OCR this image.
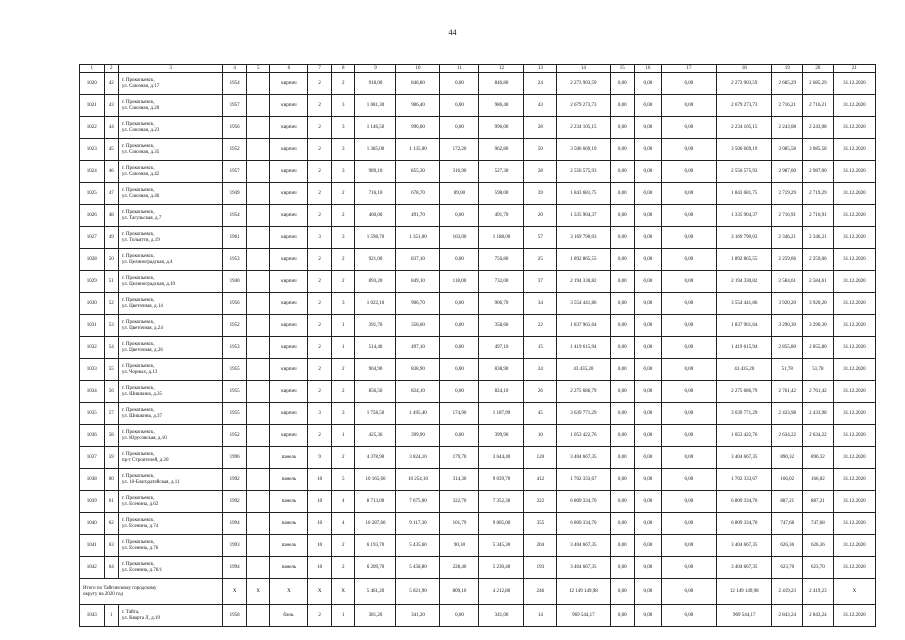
44
1	2	3	4	5	6	7	8	9	10	11	12	13	14	15	16	17	18	19	20	21
1020	42	г. Прокопьевск,
ул. Союзная, д.17	1954		кирпич	2	2	918,00	846,80	0,00	846,80	24	2 273 903,59	0,00	0,00	0,00	2 273 903,59	2 685,29	2 685,29	31.12.2020
1021	43	г. Прокопьевск,
ул. Союзная, д.20	1957		кирпич	2	3	1 081,30	986,40	0,00	986,40	43	2 679 273,73	0,00	0,00	0,00	2 679 273,73	2 716,21	2 716,21	31.12.2020
1022	44	г. Прокопьевск,
ул. Союзная, д.23	1956		кирпич	2	3	1 146,50	996,00	0,00	996,00	28	2 234 105,15	0,00	0,00	0,00	2 234 105,15	2 243,08	2 243,08	31.12.2020
1023	45	г. Прокопьевск,
ул. Союзная, д.35	1952		кирпич	2	3	1 385,00	1 135,00	172,20	962,80	50	3 506 669,19	0,00	0,00	0,00	3 506 669,19	3 085,58	3 085,58	31.12.2020
1024	46	г. Прокопьевск,
ул. Союзная, д.42	1957		кирпич	2	3	989,10	855,30	316,90	527,30	28	2 556 575,93	0,00	0,00	0,00	2 556 575,93	2 987,00	2 987,00	31.12.2020
1025	47	г. Прокопьевск,
ул. Союзная, д.46	1949		кирпич	2	2	716,10	678,70	89,00	598,00	39	1 843 681,75	0,00	0,00	0,00	1 843 681,75	2 719,29	2 719,29	31.12.2020
1026	48	г. Прокопьевск,
ул. Тагульская, д.7	1954		кирпич	2	2	460,00	491,70	0,00	491,70	20	1 335 904,37	0,00	0,00	0,00	1 335 904,37	2 716,91	2 716,91	31.12.2020
1027	49	г. Прокопьевск,
ул. Тольятти, д.19	1961		кирпич	3	3	1 598,70	1 351,00	163,00	1 188,00	57	3 169 790,03	0,00	0,00	0,00	3 169 790,03	2 346,21	2 346,21	31.12.2020
1028	50	г. Прокопьевск,
ул. Целиноградская, д.4	1953		кирпич	2	2	921,00	837,10	0,00	756,80	25	1 892 865,55	0,00	0,00	0,00	1 892 865,55	2 259,06	2 259,06	31.12.2020
1029	51	г. Прокопьевск,
ул. Целиноградская, д.10	1940		кирпич	2	2	893,20	849,10	118,00	732,00	37	2 194 330,82	0,00	0,00	0,00	2 194 330,82	2 584,61	2 584,61	31.12.2020
1030	52	г. Прокопьевск,
ул. Цветочная, д.14	1956		кирпич	2	3	1 022,10	906,70	0,00	906,70	34	3 554 441,86	0,00	0,00	0,00	3 554 441,86	3 920,20	3 920,20	31.12.2020
1031	53	г. Прокопьевск,
ул. Цветочная, д.24	1952		кирпич	2	1	391,70	358,60	0,00	358,60	22	1 837 961,64	0,00	0,00	0,00	1 837 961,64	3 290,30	3 290,30	31.12.2020
1032	54	г. Прокопьевск,
ул. Цветочная, д.26	1953		кирпич	2	1	514,40	497,10	0,00	497,10	15	1 419 615,94	0,00	0,00	0,00	1 419 615,94	2 855,80	2 855,80	31.12.2020
1033	55	г. Прокопьевск,
ул. Чорных, д.13	1955		кирпич	2	2	904,90	838,90	0,00	838,90	24	43 435,20	0,00	0,00	0,00	43 435,20	51,78	51,78	31.12.2020
1034	56	г. Прокопьевск,
ул. Шишкина, д.35	1955		кирпич	2	2	856,50	824,10	0,00	824,10	26	2 275 686,79	0,00	0,00	0,00	2 275 686,79	2 761,42	2 761,42	31.12.2020
1035	57	г. Прокопьевск,
ул. Шишкина, д.37	1955		кирпич	3	3	1 758,50	1 495,40	174,90	1 187,99	45	3 639 771,29	0,00	0,00	0,00	3 639 771,29	2 433,98	2 433,98	31.12.2020
1036	58	г. Прокопьевск,
ул. Юрусовская, д.10	1952		кирпич	2	1	425,36	399,90	0,00	399,90	10	1 053 422,76	0,00	0,00	0,00	1 053 422,76	2 634,22	2 634,22	31.12.2020
1037	59	г. Прокопьевск,
пр-т Строителей, д.20	1996		панель	9	2	4 378,90	3 824,10	179,70	3 644,40	120	3 404 667,35	0,00	0,00	0,00	3 404 667,35	890,32	890,32	31.12.2020
1038	60	г. Прокопьевск,
ул. 10-Благодатейская, д.11	1992		панель	10	5	10 165,60	10 254,10	314,30	9 039,70	412	1 702 333,67	0,00	0,00	0,00	1 702 333,67	166,02	166,02	31.12.2020
1039	61	г. Прокопьевск,
ул. Есенина, д.62	1992		панель	10	4	8 713,00	7 675,00	322,70	7 352,30	322	6 809 334,70	0,00	0,00	0,00	6 809 334,70	887,21	887,21	31.12.2020
1040	62	г. Прокопьевск,
ул. Есенина, д.74	1994		панель	10	4	10 287,60	9 117,30	101,79	9 005,00	355	6 809 334,70	0,00	0,00	0,00	6 809 334,70	747,68	747,68	31.12.2020
1041	63	г. Прокопьевск,
ул. Есенина, д.76	1993		панель	10	2	6 193,70	5 435,60	90,30	5 345,30	204	3 404 667,35	0,00	0,00	0,00	3 404 667,35	626,36	626,36	31.12.2020
1042	64	г. Прокопьевск,
ул. Есенина, д.76/1	1994		панель	10	2	6 209,70	5 458,80	228,40	5 230,40	193	3 404 667,35	0,00	0,00	0,00	3 404 667,35	623,70	623,70	31.12.2020
Итого по Тайгинскому городскому
округу на 2020 год			X	X	X	X	X	5 461,20	5 021,90	809,10	4 212,80	246	12 149 149,98	0,00	0,00	0,00	12 149 149,98	2 419,23	2 419,23	X
1043	1	г. Тайга,
ул. Кварта Л, д.19	1958		блок.	2	1	381,20	341,20	0,00	341,00	14	969 544,17	0,00	0,00	0,00	969 544,17	2 843,24	2 843,24	31.12.2020
